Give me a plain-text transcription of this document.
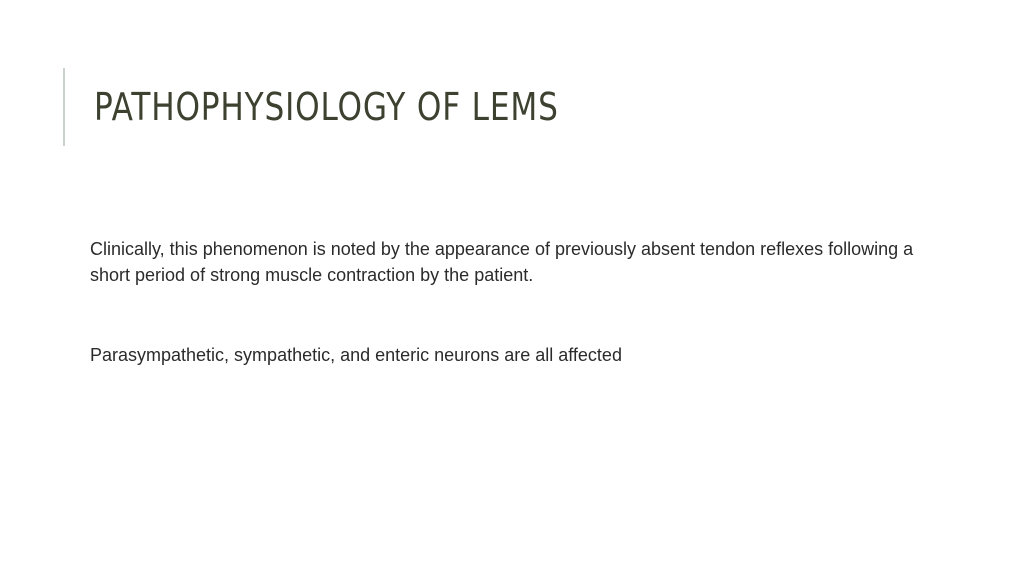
PATHOPHYSIOLOGY OF LEMS

Clinically, this phenomenon is noted by the appearance of previously absent tendon reflexes following a short period of strong muscle contraction by the patient.

Parasympathetic, sympathetic, and enteric neurons are all affected
